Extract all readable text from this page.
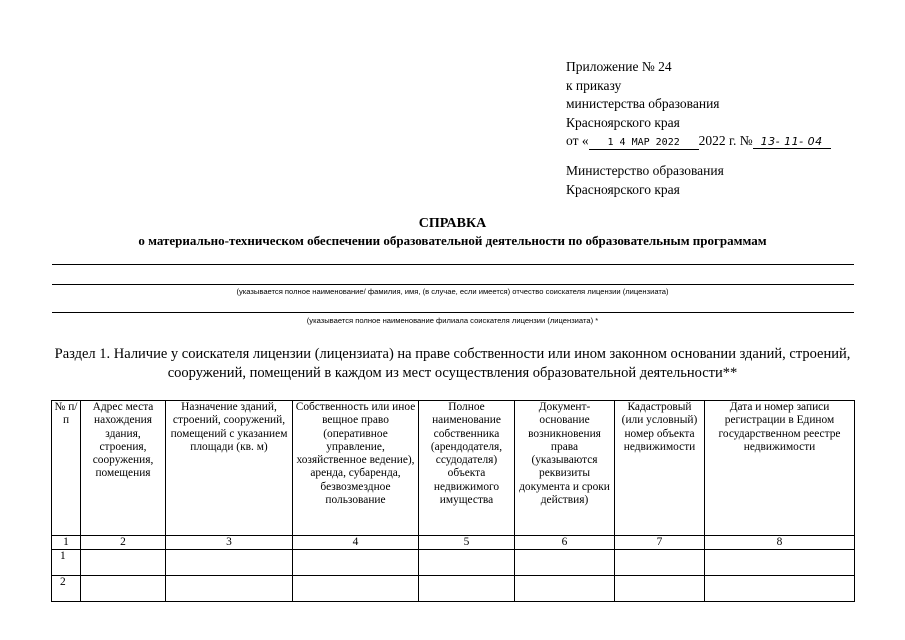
Приложение № 24
к приказу
министерства образования
Красноярского края
от « 1 4 МАР 2022 2022 г. № 13- 11- 04
Министерство образования
Красноярского края
СПРАВКА
о материально-техническом обеспечении образовательной деятельности по образовательным программам
(указывается полное наименование/ фамилия, имя, (в случае, если имеется) отчество соискателя лицензии (лицензиата)
(указывается полное наименование филиала соискателя лицензии (лицензиата) *
Раздел 1. Наличие у соискателя лицензии (лицензиата) на праве собственности или ином законном основании зданий, строений, сооружений, помещений в каждом из мест осуществления образовательной деятельности**
№ п/п	Адрес места нахождения здания, строения, сооружения, помещения	Назначение зданий, строений, сооружений, помещений с указанием площади (кв. м)	Собственность или иное вещное право (оперативное управление, хозяйственное ведение), аренда, субаренда, безвозмездное пользование	Полное наименование собственника (арендодателя, ссудодателя) объекта недвижимого имущества	Документ-основание возникновения права (указываются реквизиты документа и сроки действия)	Кадастровый (или условный) номер объекта недвижимости	Дата и номер записи регистрации в Едином государственном реестре недвижимости
1	2	3	4	5	6	7	8
1							
2							
